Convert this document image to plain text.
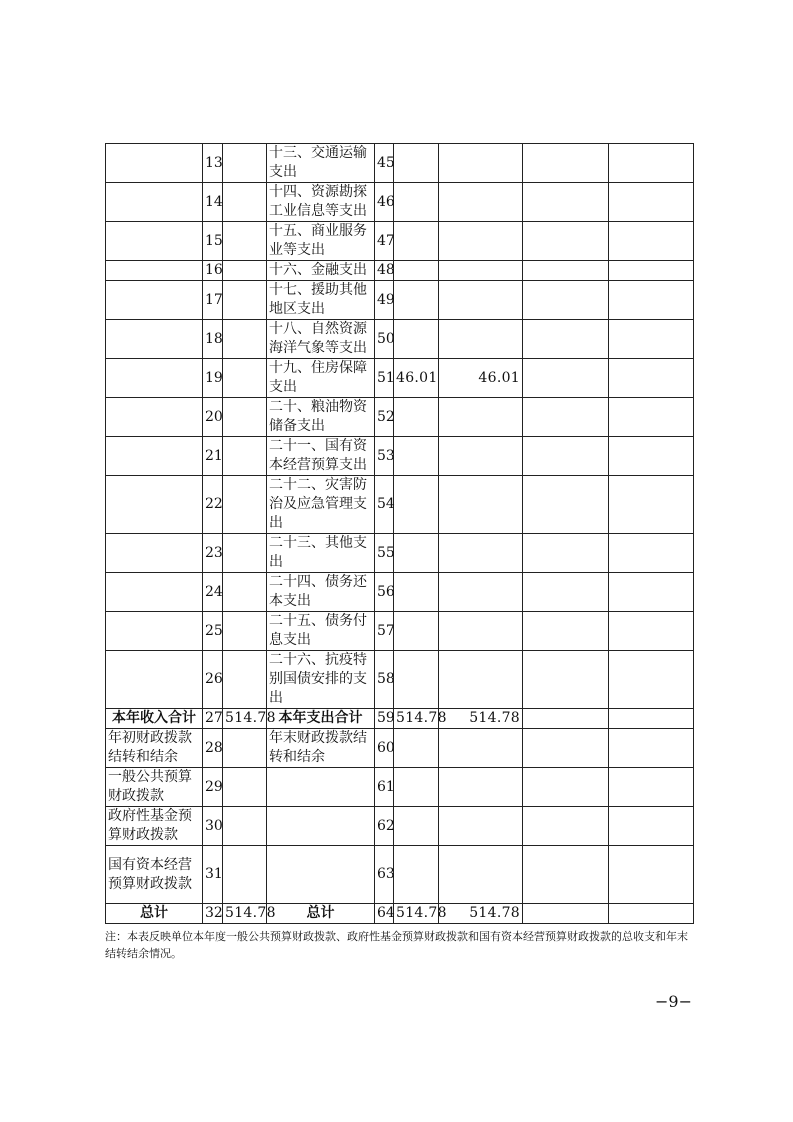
	13		十三、交通运输支出	45				
	14		十四、资源勘探工业信息等支出	46				
	15		十五、商业服务业等支出	47				
	16		十六、金融支出	48				
	17		十七、援助其他地区支出	49				
	18		十八、自然资源海洋气象等支出	50				
	19		十九、住房保障支出	51	46.01	46.01		
	20		二十、粮油物资储备支出	52				
	21		二十一、国有资本经营预算支出	53				
	22		二十二、灾害防治及应急管理支出	54				
	23		二十三、其他支出	55				
	24		二十四、债务还本支出	56				
	25		二十五、债务付息支出	57				
	26		二十六、抗疫特别国债安排的支出	58				
本年收入合计	27	514.78	本年支出合计	59	514.78	514.78		
年初财政拨款结转和结余	28		年末财政拨款结转和结余	60				
一般公共预算财政拨款	29			61				
政府性基金预算财政拨款	30			62				
国有资本经营预算财政拨款	31			63				
总计	32	514.78	总计	64	514.78	514.78		
注：本表反映单位本年度一般公共预算财政拨款、政府性基金预算财政拨款和国有资本经营预算财政拨款的总收支和年末结转结余情况。
−9−
